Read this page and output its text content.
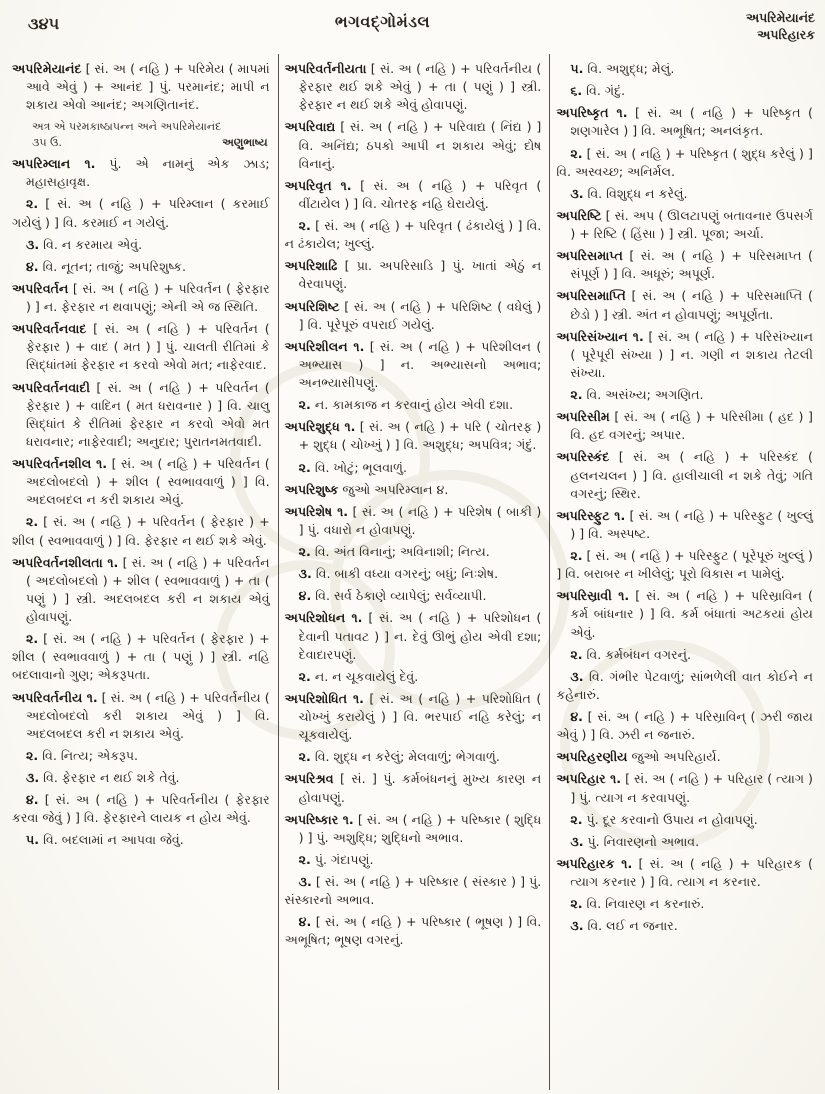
૩૪૫	ભગવદ્ગોમંડલ	અપરિમેયાનંદ
અપરિહારક

અપરિમેયાનંદ [ સં. અ ( નહિ ) + પરિમેય ( માપમાં આવે એવું ) + આનંદ ] પું. પરમાનંદ; માપી ન શકાય એવો આનંદ; અગણિતાનંદ.

અત્ર એ પરમકાષ્ઠાપન્ન અને અપરિમેયાનંદ
૩૫ ઉ.	અણુભાષ્ય

અપરિમ્લાન ૧. પું. એ નામનું એક ઝાડ; મહાસહાવૃક્ષ.

૨. [ સં. અ ( નહિ ) + પરિમ્લાન ( કરમાઈ ગયેલું ) ] વિ. કરમાઈ ન ગયેલું.

૩. વિ. ન કરમાય એવું.

૪. વિ. નૂતન; તાજું; અપરિશુષ્ક.

અપરિવર્તન [ સં. અ ( નહિ ) + પરિવર્તન ( ફેરફાર ) ] ન. ફેરફાર ન થવાપણું; એની એ જ સ્થિતિ.

અપરિવર્તનવાદ [ સં. અ ( નહિ ) + પરિવર્તન ( ફેરફાર ) + વાદ ( મત ) ] પું. ચાલતી રીતિમાં કે સિદ્ધાંતમાં ફેરફાર ન કરવો એવો મત; નાફેરવાદ.

અપરિવર્તનવાદી [ સં. અ ( નહિ ) + પરિવર્તન ( ફેરફાર ) + વાદિન ( મત ધરાવનાર ) ] વિ. ચાલુ સિદ્ધાંત કે રીતિમાં ફેરફાર ન કરવો એવો મત ધરાવનાર; નાફેરવાદી; અનુદાર; પુરાતનમતવાદી.

અપરિવર્તનશીલ ૧. [ સં. અ ( નહિ ) + પરિવર્તન ( અદલોબદલો ) + શીલ ( સ્વભાવવાળું ) ] વિ. અદલબદલ ન કરી શકાય એવું.

૨. [ સં. અ ( નહિ ) + પરિવર્તન ( ફેરફાર ) + શીલ ( સ્વભાવવાળું ) ] વિ. ફેરફાર ન થઈ શકે એવું.

અપરિવર્તનશીલતા ૧. [ સં. અ ( નહિ ) + પરિવર્તન ( અદલોબદલો ) + શીલ ( સ્વભાવવાળું ) + તા ( પણું ) ] સ્ત્રી. અદલબદલ કરી ન શકાય એવું હોવાપણું.

૨. [ સં. અ ( નહિ ) + પરિવર્તન ( ફેરફાર ) + શીલ ( સ્વભાવવાળું ) + તા ( પણું ) ] સ્ત્રી. નહિ બદલાવાનો ગુણ; એકરૂપતા.

અપરિવર્તનીય ૧. [ સં. અ ( નહિ ) + પરિવર્તનીય ( અદલોબદલો કરી શકાય એવું ) ] વિ. અદલબદલ કરી ન શકાય એવું.

૨. વિ. નિત્ય; એકરૂપ.

૩. વિ. ફેરફાર ન થઈ શકે તેવું.

૪. [ સં. અ ( નહિ ) + પરિવર્તનીય ( ફેરફાર કરવા જેવું ) ] વિ. ફેરફારને લાયક ન હોય એવું.

૫. વિ. બદલામાં ન આપવા જેવું.

અપરિવર્તનીયતા [ સં. અ ( નહિ ) + પરિવર્તનીય ( ફેરફાર થઈ શકે એવું ) + તા ( પણું ) ] સ્ત્રી. ફેરફાર ન થઈ શકે એવું હોવાપણું.

અપરિવાદ્ય [ સં. અ ( નહિ ) + પરિવાદ્ય ( નિંદ્ય ) ] વિ. અનિંદ્ય; ઠપકો આપી ન શકાય એવું; દોષ વિનાનું.

અપરિવૃત ૧. [ સં. અ ( નહિ ) + પરિવૃત ( વીંટાયેલ ) ] વિ. ચોતરફ નહિ ઘેરાયેલું.

૨. [ સં. અ ( નહિ ) + પરિવૃત ( ઢંકાયેલું ) ] વિ. ન ઢંકાયેલ; ખુલ્લું.

અપરિશાઢિ [ પ્રા. અપરિસાડિ ] પું. ખાતાં એઠું ન વેરવાપણું.

અપરિશિષ્ટ [ સં. અ ( નહિ ) + પરિશિષ્ટ ( વધેલું ) ] વિ. પૂરેપૂરું વપરાઈ ગયેલું.

અપરિશીલન ૧. [ સં. અ ( નહિ ) + પરિશીલન ( અભ્યાસ ) ] ન. અભ્યાસનો અભાવ; અનભ્યાસીપણું.

૨. ન. કામકાજ ન કરવાનું હોય એવી દશા.

અપરિશુદ્ધ ૧. [ સં. અ ( નહિ ) + પરિ ( ચોતરફ ) + શુદ્ધ ( ચોખ્ખું ) ] વિ. અશુદ્ધ; અપવિત્ર; ગંદું.

૨. વિ. ખોટું; ભૂલવાળું.

અપરિશુષ્ક જુઓ અપરિમ્લાન ૪.

અપરિશેષ ૧. [ સં. અ ( નહિ ) + પરિશેષ ( બાકી ) ] પું. વધારો ન હોવાપણું.

૨. વિ. અંત વિનાનું; અવિનાશી; નિત્ય.

૩. વિ. બાકી વધ્યા વગરનું; બધું; નિઃશેષ.

૪. વિ. સર્વ ઠેકાણે વ્યાપેલું; સર્વવ્યાપી.

અપરિશોધન ૧. [ સં. અ ( નહિ ) + પરિશોધન ( દેવાની પતાવટ ) ] ન. દેવું ઊભું હોય એવી દશા; દેવાદારપણું.

૨. ન. ન ચૂકવાયેલું દેવું.

અપરિશોધિત ૧. [ સં. અ ( નહિ ) + પરિશોધિત ( ચોખ્ખું કરાયેલું ) ] વિ. ભરપાઈ નહિ કરેલું; ન ચૂકવાયેલું.

૨. વિ. શુદ્ધ ન કરેલું; મેલવાળું; ભેગવાળું.

અપરિશ્રવ [ સં. ] પું. કર્મબંધનનું મુખ્ય કારણ ન હોવાપણું.

અપરિષ્કાર ૧. [ સં. અ ( નહિ ) + પરિષ્કાર ( શુદ્ધિ ) ] પું. અશુદ્ધિ; શુદ્ધિનો અભાવ.

૨. પું. ગંદાપણું.

૩. [ સં. અ ( નહિ ) + પરિષ્કાર ( સંસ્કાર ) ] પું. સંસ્કારનો અભાવ.

૪. [ સં. અ ( નહિ ) + પરિષ્કાર ( ભૂષણ ) ] વિ. અભૂષિત; ભૂષણ વગરનું.

૫. વિ. અશુદ્ધ; મેલું.

૬. વિ. ગંદું.

અપરિષ્કૃત ૧. [ સં. અ ( નહિ ) + પરિષ્કૃત ( શણગારેલ ) ] વિ. અભૂષિત; અનલંકૃત.

૨. [ સં. અ ( નહિ ) + પરિષ્કૃત ( શુદ્ધ કરેલું ) ] વિ. અસ્વચ્છ; અનિર્મલ.

૩. વિ. વિશુદ્ધ ન કરેલું.

અપરિષ્ટિ [ સં. અપ ( ઊલટાપણું બતાવનાર ઉપસર્ગ ) + રિષ્ટિ ( હિંસા ) ] સ્ત્રી. પૂજા; અર્ચા.

અપરિસમાપ્ત [ સં. અ ( નહિ ) + પરિસમાપ્ત ( સંપૂર્ણ ) ] વિ. અધૂરું; અપૂર્ણ.

અપરિસમાપ્તિ [ સં. અ ( નહિ ) + પરિસમાપ્તિ ( છેડો ) ] સ્ત્રી. અંત ન હોવાપણું; અપૂર્ણતા.

અપરિસંખ્યાન ૧. [ સં. અ ( નહિ ) + પરિસંખ્યાન ( પૂરેપૂરી સંખ્યા ) ] ન. ગણી ન શકાય તેટલી સંખ્યા.

૨. વિ. અસંખ્ય; અગણિત.

અપરિસીમ [ સં. અ ( નહિ ) + પરિસીમા ( હદ ) ] વિ. હદ વગરનું; અપાર.

અપરિસ્કંદ [ સં. અ ( નહિ ) + પરિસ્કંદ ( હલનચલન ) ] વિ. હાલીચાલી ન શકે તેવું; ગતિ વગરનું; સ્થિર.

અપરિસ્ફુટ ૧. [ સં. અ ( નહિ ) + પરિસ્ફુટ ( ખુલ્લું ) ] વિ. અસ્પષ્ટ.

૨. [ સં. અ ( નહિ ) + પરિસ્ફુટ ( પૂરેપૂરું ખુલ્લું ) ] વિ. બરાબર ન ખીલેલું; પૂરો વિકાસ ન પામેલું.

અપરિસ્રાવી ૧. [ સં. અ ( નહિ ) + પરિસ્રાવિન ( કર્મ બાંધનાર ) ] વિ. કર્મ બંધાતાં અટકયાં હોય એવું.

૨. વિ. કર્મબંધન વગરનું.

૩. વિ. ગંભીર પેટવાળું; સાંભળેલી વાત કોઈને ન કહેનારું.

૪. [ સં. અ ( નહિ ) + પરિસ્રાવિન્ ( ઝરી જાય એવું ) ] વિ. ઝરી ન જનારું.

અપરિહરણીય જુઓ અપરિહાર્ય.

અપરિહાર ૧. [ સં. અ ( નહિ ) + પરિહાર ( ત્યાગ ) ] પું. ત્યાગ ન કરવાપણું.

૨. પું. દૂર કરવાનો ઉપાય ન હોવાપણું.

૩. પું. નિવારણનો અભાવ.

અપરિહારક ૧. [ સં. અ ( નહિ ) + પરિહારક ( ત્યાગ કરનાર ) ] વિ. ત્યાગ ન કરનાર.

૨. વિ. નિવારણ ન કરનારું.

૩. વિ. લઈ ન જનાર.
